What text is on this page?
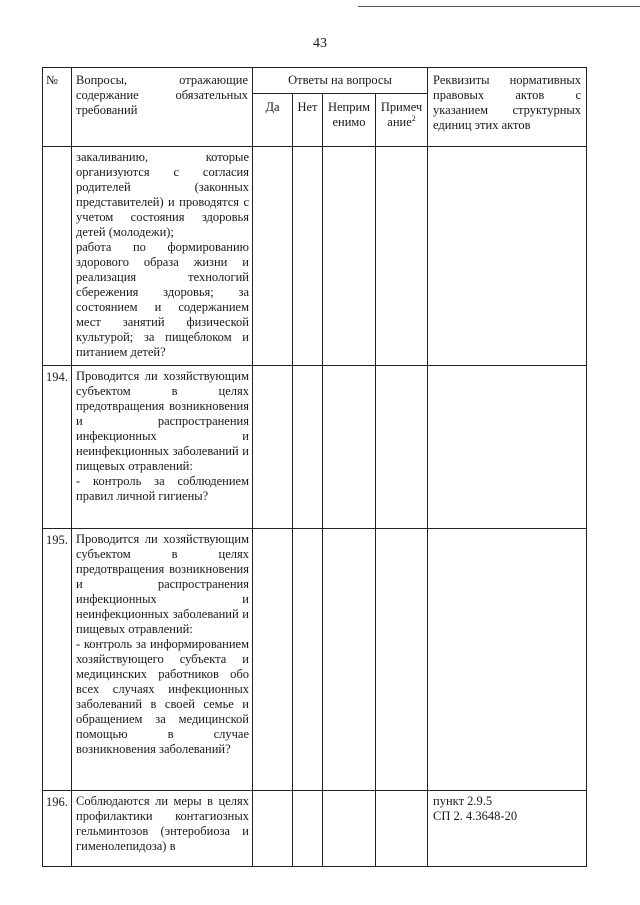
43
№	Вопросы, отражающие содержание обязательных требований	Ответы на вопросы				Реквизиты нормативных правовых актов с указанием структурных единиц этих актов
		Да	Нет	Неприм енимо	Примеч ание$^2$

	закаливанию, которые организуются с согласия родителей (законных представителей) и проводятся с учетом состояния здоровья детей (молодежи);
работа по формированию здорового образа жизни и реализация технологий сбережения здоровья; за состоянием и содержанием мест занятий физической культурой; за пищеблоком и питанием детей?					

194.	Проводится ли хозяйствующим субъектом в целях предотвращения возникновения и распространения инфекционных и неинфекционных заболеваний и пищевых отравлений:
- контроль за соблюдением правил личной гигиены?					

195.	Проводится ли хозяйствующим субъектом в целях предотвращения возникновения и распространения инфекционных и неинфекционных заболеваний и пищевых отравлений:
- контроль за информированием хозяйствующего субъекта и медицинских работников обо всех случаях инфекционных заболеваний в своей семье и обращением за медицинской помощью в случае возникновения заболеваний?					

196.	Соблюдаются ли меры в целях профилактики контагиозных гельминтозов (энтеробиоза и гименолепидоза) в					пункт 2.9.5
СП 2. 4.3648-20
